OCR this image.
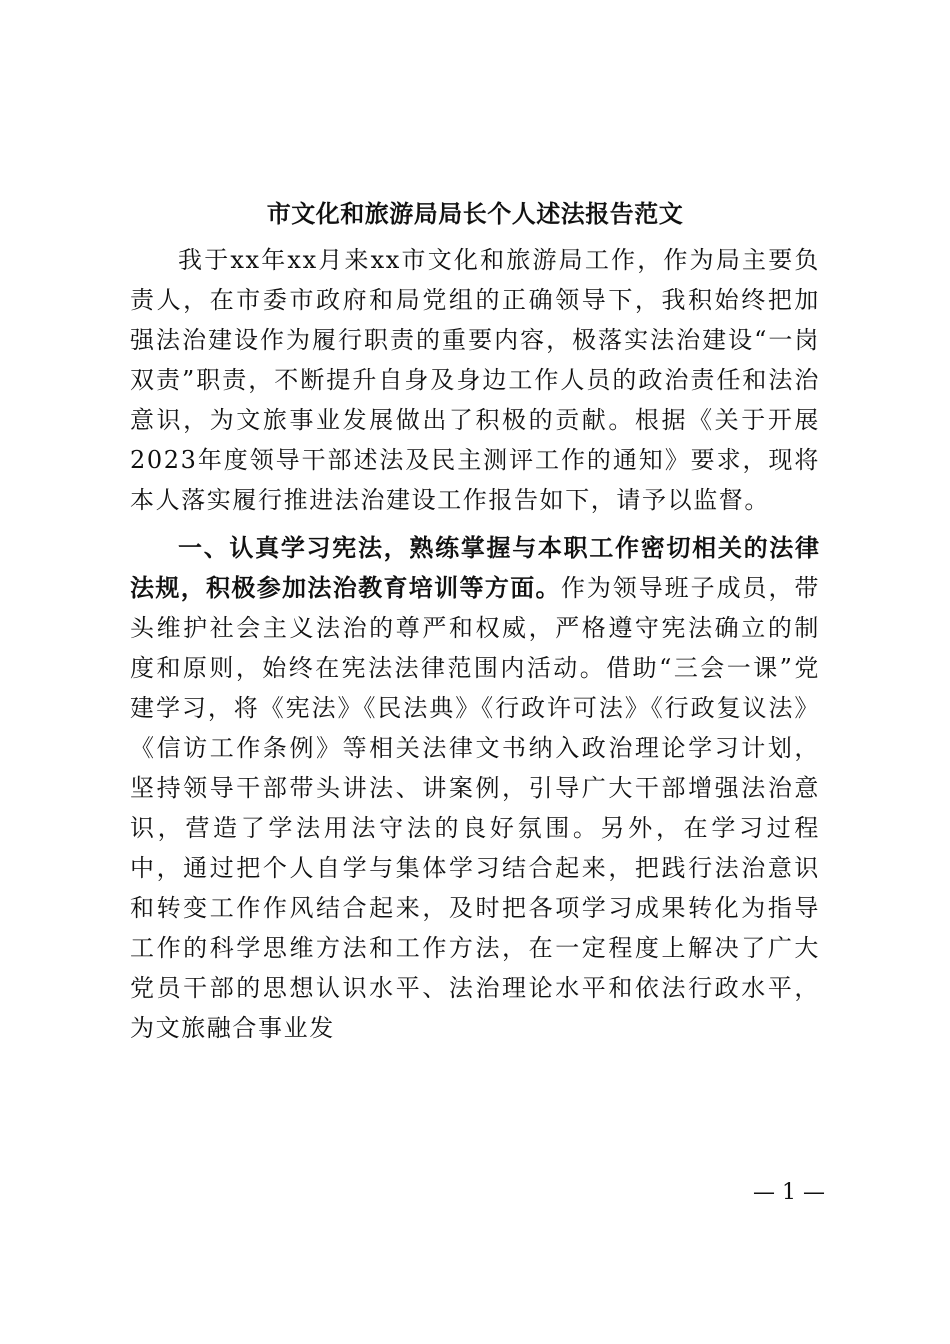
市文化和旅游局局长个人述法报告范文

我于xx年xx月来xx市文化和旅游局工作，作为局主要负责人，在市委市政府和局党组的正确领导下，我积始终把加强法治建设作为履行职责的重要内容，极落实法治建设“一岗双责”职责，不断提升自身及身边工作人员的政治责任和法治意识，为文旅事业发展做出了积极的贡献。根据《关于开展2023年度领导干部述法及民主测评工作的通知》要求，现将本人落实履行推进法治建设工作报告如下，请予以监督。

一、认真学习宪法，熟练掌握与本职工作密切相关的法律法规，积极参加法治教育培训等方面。作为领导班子成员，带头维护社会主义法治的尊严和权威，严格遵守宪法确立的制度和原则，始终在宪法法律范围内活动。借助“三会一课”党建学习，将《宪法》《民法典》《行政许可法》《行政复议法》《信访工作条例》等相关法律文书纳入政治理论学习计划，坚持领导干部带头讲法、讲案例，引导广大干部增强法治意识，营造了学法用法守法的良好氛围。另外，在学习过程中，通过把个人自学与集体学习结合起来，把践行法治意识和转变工作作风结合起来，及时把各项学习成果转化为指导工作的科学思维方法和工作方法，在一定程度上解决了广大党员干部的思想认识水平、法治理论水平和依法行政水平，为文旅融合事业发

— 1 —
